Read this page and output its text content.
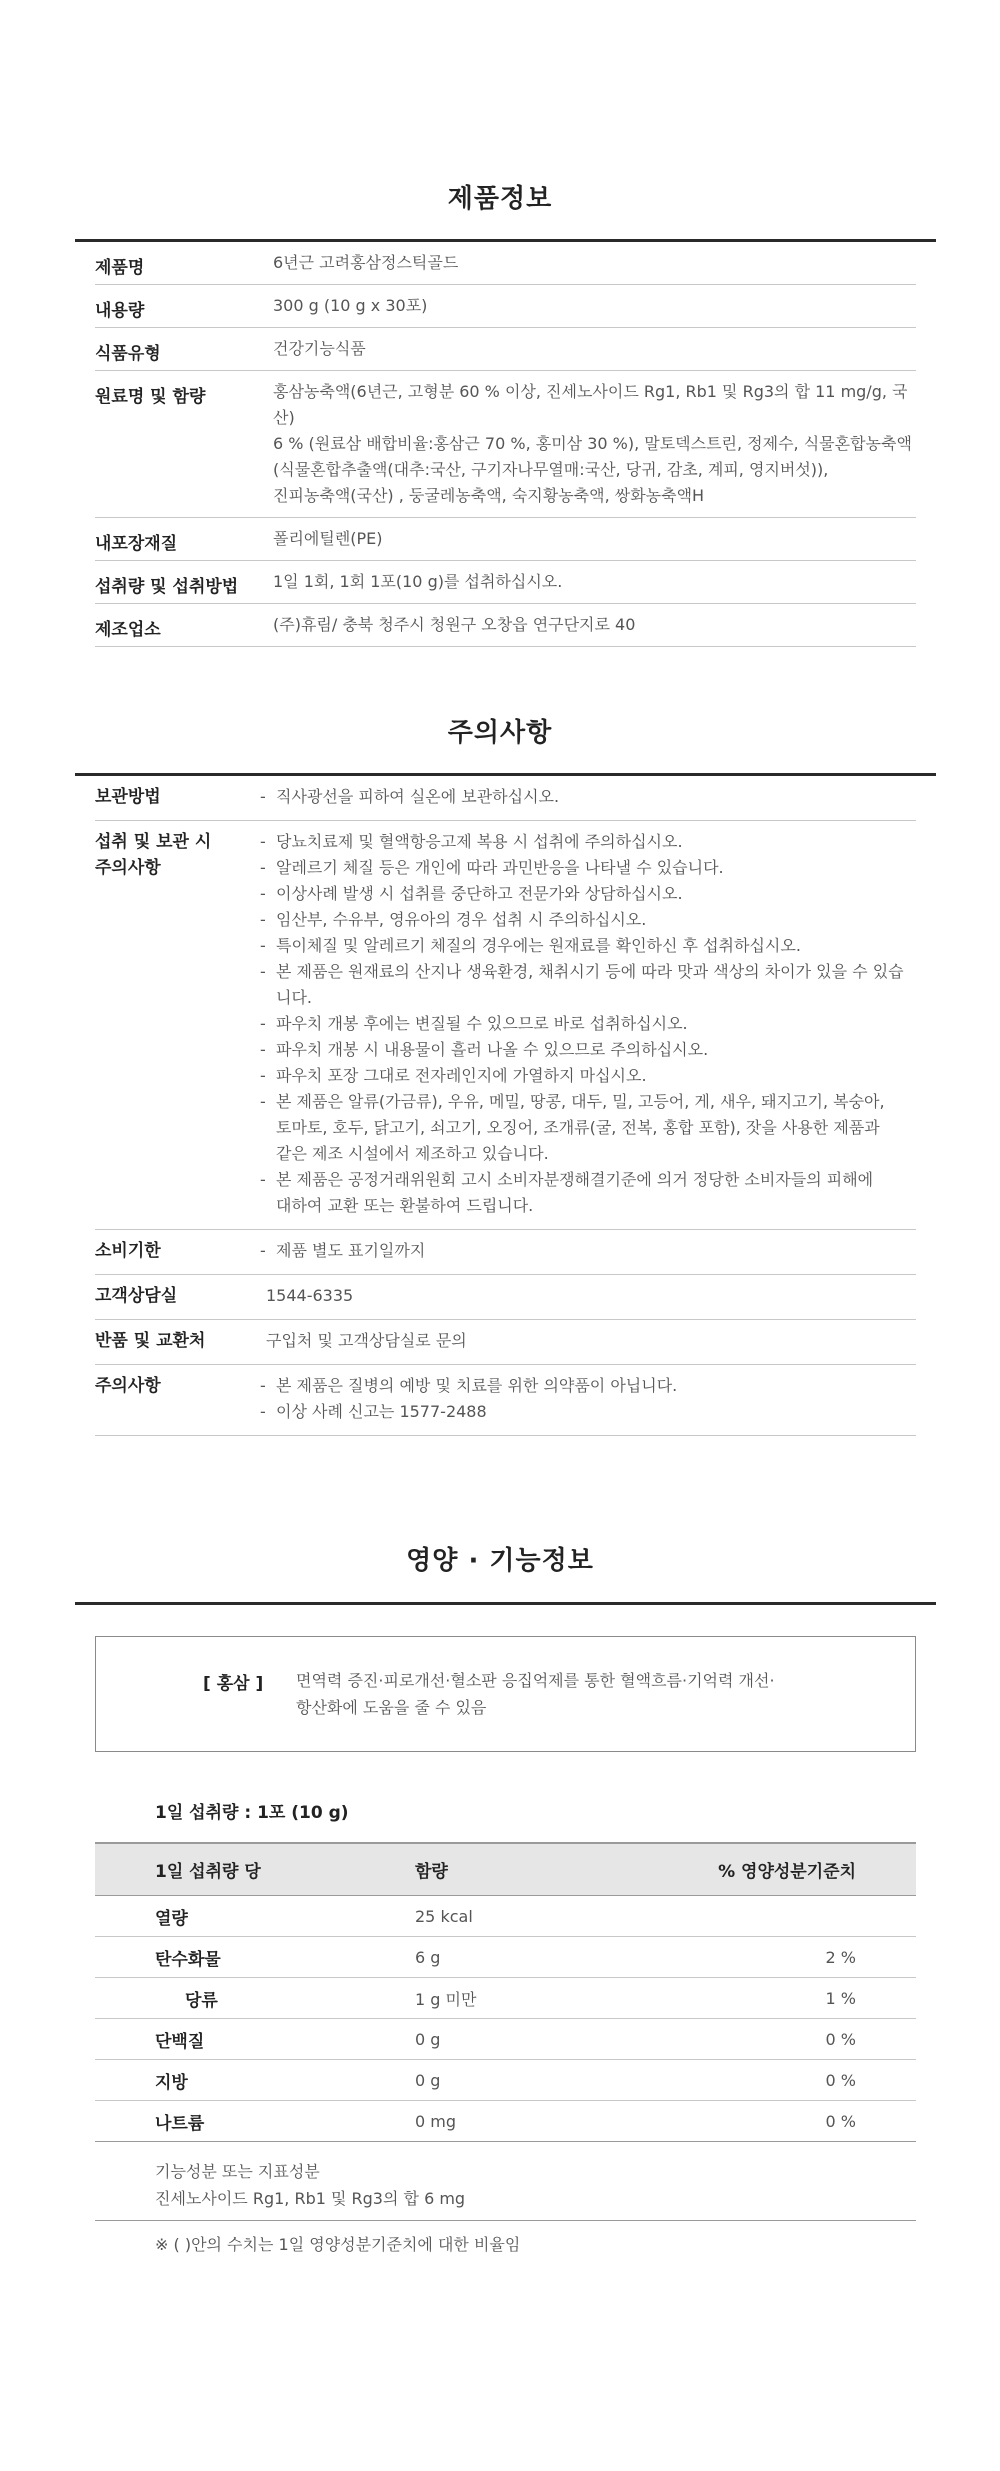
제품정보
제품명	6년근 고려홍삼정스틱골드
내용량	300 g (10 g x 30포)
식품유형	건강기능식품
원료명 및 함량	홍삼농축액(6년근, 고형분 60 % 이상, 진세노사이드 Rg1, Rb1 및 Rg3의 합 11 mg/g, 국산)
6 % (원료삼 배합비율:홍삼근 70 %, 홍미삼 30 %), 말토덱스트린, 정제수, 식물혼합농축액
(식물혼합추출액(대추:국산, 구기자나무열매:국산, 당귀, 감초, 계피, 영지버섯)),
진피농축액(국산) , 둥굴레농축액, 숙지황농축액, 쌍화농축액H
내포장재질	폴리에틸렌(PE)
섭취량 및 섭취방법	1일 1회, 1회 1포(10 g)를 섭취하십시오.
제조업소	(주)휴림/ 충북 청주시 청원구 오창읍 연구단지로 40
주의사항
보관방법	- 직사광선을 피하여 실온에 보관하십시오.
섭취 및 보관 시
주의사항
- 당뇨치료제 및 혈액항응고제 복용 시 섭취에 주의하십시오.
- 알레르기 체질 등은 개인에 따라 과민반응을 나타낼 수 있습니다.
- 이상사례 발생 시 섭취를 중단하고 전문가와 상담하십시오.
- 임산부, 수유부, 영유아의 경우 섭취 시 주의하십시오.
- 특이체질 및 알레르기 체질의 경우에는 원재료를 확인하신 후 섭취하십시오.
- 본 제품은 원재료의 산지나 생육환경, 채취시기 등에 따라 맛과 색상의 차이가 있을 수 있습니다.
- 파우치 개봉 후에는 변질될 수 있으므로 바로 섭취하십시오.
- 파우치 개봉 시 내용물이 흘러 나올 수 있으므로 주의하십시오.
- 파우치 포장 그대로 전자레인지에 가열하지 마십시오.
- 본 제품은 알류(가금류), 우유, 메밀, 땅콩, 대두, 밀, 고등어, 게, 새우, 돼지고기, 복숭아,
토마토, 호두, 닭고기, 쇠고기, 오징어, 조개류(굴, 전복, 홍합 포함), 잣을 사용한 제품과
같은 제조 시설에서 제조하고 있습니다.
- 본 제품은 공정거래위원회 고시 소비자분쟁해결기준에 의거 정당한 소비자들의 피해에
대하여 교환 또는 환불하여 드립니다.
소비기한	- 제품 별도 표기일까지
고객상담실	1544-6335
반품 및 교환처	구입처 및 고객상담실로 문의
주의사항	- 본 제품은 질병의 예방 및 치료를 위한 의약품이 아닙니다.
- 이상 사례 신고는 1577-2488
영양 · 기능정보
[ 홍삼 ] 면역력 증진·피로개선·혈소판 응집억제를 통한 혈액흐름·기억력 개선·
항산화에 도움을 줄 수 있음
1일 섭취량 : 1포 (10 g)
1일 섭취량 당	함량	% 영양성분기준치
열량	25 kcal
탄수화물	6 g	2 %
당류	1 g 미만	1 %
단백질	0 g	0 %
지방	0 g	0 %
나트륨	0 mg	0 %
기능성분 또는 지표성분
진세노사이드 Rg1, Rb1 및 Rg3의 합 6 mg
※ ( )안의 수치는 1일 영양성분기준치에 대한 비율임
